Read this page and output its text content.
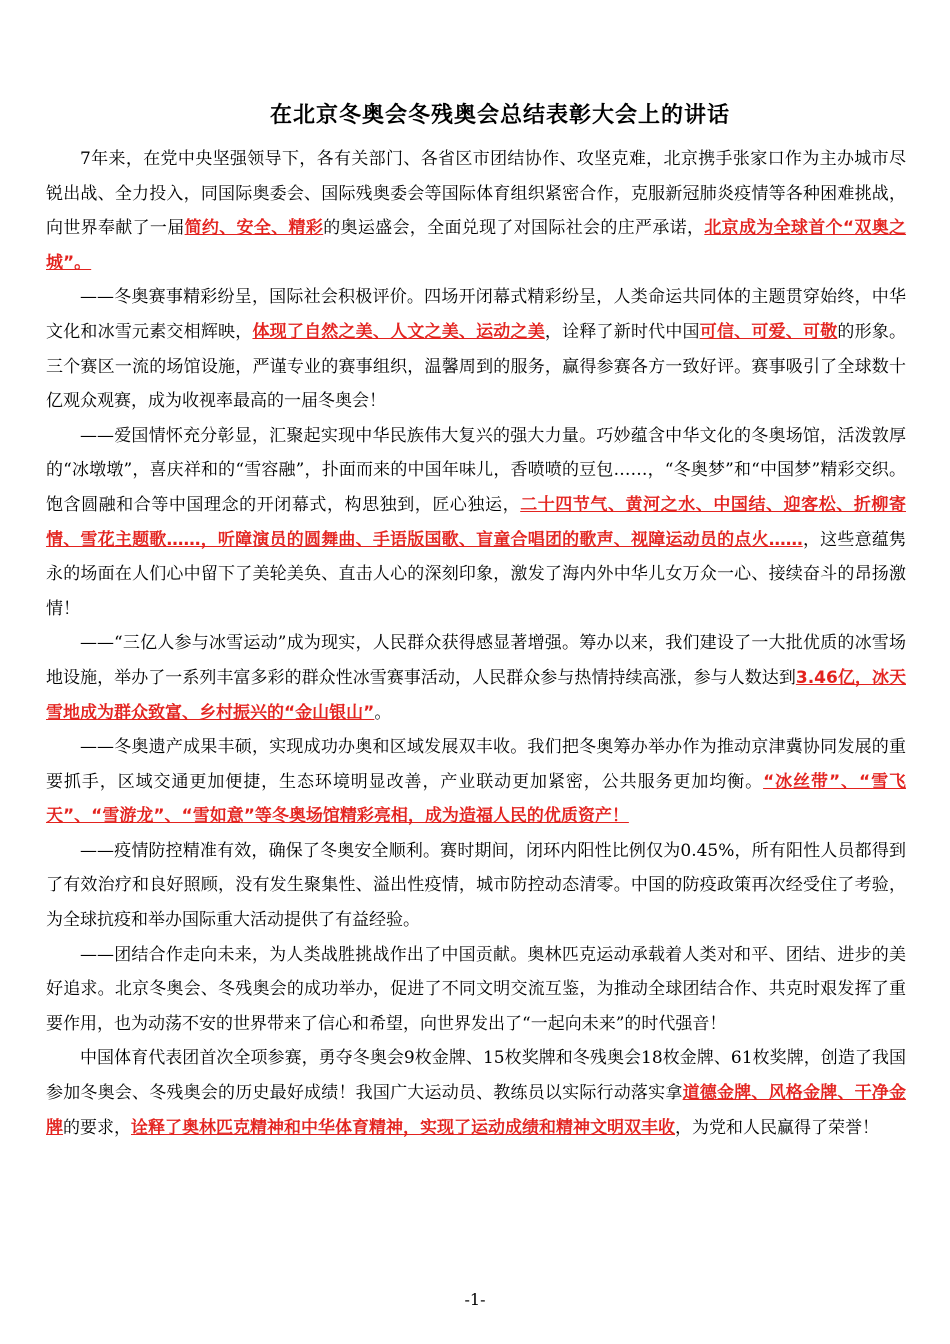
在北京冬奥会冬残奥会总结表彰大会上的讲话

7年来，在党中央坚强领导下，各有关部门、各省区市团结协作、攻坚克难，北京携手张家口作为主办城市尽锐出战、全力投入，同国际奥委会、国际残奥委会等国际体育组织紧密合作，克服新冠肺炎疫情等各种困难挑战，向世界奉献了一届简约、安全、精彩的奥运盛会，全面兑现了对国际社会的庄严承诺，北京成为全球首个“双奥之城”。

——冬奥赛事精彩纷呈，国际社会积极评价。四场开闭幕式精彩纷呈，人类命运共同体的主题贯穿始终，中华文化和冰雪元素交相辉映，体现了自然之美、人文之美、运动之美，诠释了新时代中国可信、可爱、可敬的形象。三个赛区一流的场馆设施，严谨专业的赛事组织，温馨周到的服务，赢得参赛各方一致好评。赛事吸引了全球数十亿观众观赛，成为收视率最高的一届冬奥会！

——爱国情怀充分彰显，汇聚起实现中华民族伟大复兴的强大力量。巧妙蕴含中华文化的冬奥场馆，活泼敦厚的“冰墩墩”，喜庆祥和的“雪容融”，扑面而来的中国年味儿，香喷喷的豆包……，“冬奥梦”和“中国梦”精彩交织。饱含圆融和合等中国理念的开闭幕式，构思独到，匠心独运，二十四节气、黄河之水、中国结、迎客松、折柳寄情、雪花主题歌……，听障演员的圆舞曲、手语版国歌、盲童合唱团的歌声、视障运动员的点火……，这些意蕴隽永的场面在人们心中留下了美轮美奂、直击人心的深刻印象，激发了海内外中华儿女万众一心、接续奋斗的昂扬激情！

——“三亿人参与冰雪运动”成为现实，人民群众获得感显著增强。筹办以来，我们建设了一大批优质的冰雪场地设施，举办了一系列丰富多彩的群众性冰雪赛事活动，人民群众参与热情持续高涨，参与人数达到3.46亿，冰天雪地成为群众致富、乡村振兴的“金山银山”。

——冬奥遗产成果丰硕，实现成功办奥和区域发展双丰收。我们把冬奥筹办举办作为推动京津冀协同发展的重要抓手，区域交通更加便捷，生态环境明显改善，产业联动更加紧密，公共服务更加均衡。“冰丝带”、“雪飞天”、“雪游龙”、“雪如意”等冬奥场馆精彩亮相，成为造福人民的优质资产！

——疫情防控精准有效，确保了冬奥安全顺利。赛时期间，闭环内阳性比例仅为0.45%，所有阳性人员都得到了有效治疗和良好照顾，没有发生聚集性、溢出性疫情，城市防控动态清零。中国的防疫政策再次经受住了考验，为全球抗疫和举办国际重大活动提供了有益经验。

——团结合作走向未来，为人类战胜挑战作出了中国贡献。奥林匹克运动承载着人类对和平、团结、进步的美好追求。北京冬奥会、冬残奥会的成功举办，促进了不同文明交流互鉴，为推动全球团结合作、共克时艰发挥了重要作用，也为动荡不安的世界带来了信心和希望，向世界发出了“一起向未来”的时代强音！

中国体育代表团首次全项参赛，勇夺冬奥会9枚金牌、15枚奖牌和冬残奥会18枚金牌、61枚奖牌，创造了我国参加冬奥会、冬残奥会的历史最好成绩！我国广大运动员、教练员以实际行动落实拿道德金牌、风格金牌、干净金牌的要求，诠释了奥林匹克精神和中华体育精神，实现了运动成绩和精神文明双丰收，为党和人民赢得了荣誉！

-1-
